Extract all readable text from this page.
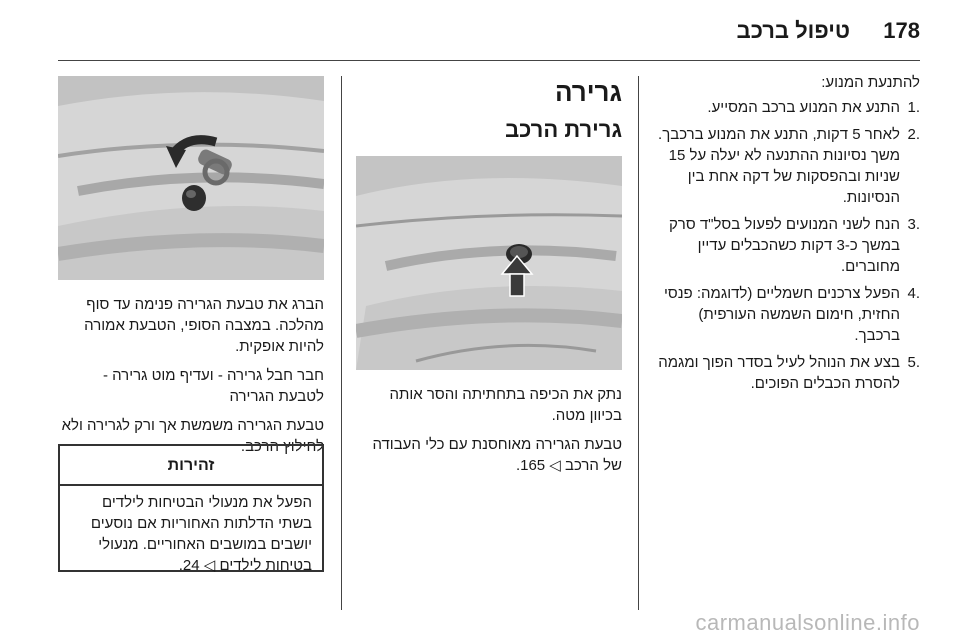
178
טיפול ברכב
להתנעת המנוע:
.1
התנע את המנוע ברכב המסייע.
.2
לאחר 5 דקות, התנע את המנוע ברכבך. משך נסיונות ההתנעה לא יעלה על 15 שניות ובהפסקות של דקה אחת בין הנסיונות.
.3
הנח לשני המנועים לפעול בסל"ד סרק במשך כ-3 דקות כשהכבלים עדיין מחוברים.
.4
הפעל צרכנים חשמליים (לדוגמה: פנסי החזית, חימום השמשה העורפית) ברכבך.
.5
בצע את הנוהל לעיל בסדר הפוך ומגמה להסרת הכבלים הפוכים.
גרירה
גרירת הרכב

נתק את הכיפה בתחתיתה והסר אותה בכיוון מטה.

טבעת הגרירה מאוחסנת עם כלי העבודה של הרכב ◁ 165.

הברג את טבעת הגרירה פנימה עד סוף מהלכה. במצבה הסופי, הטבעת אמורה להיות אופקית.

חבר חבל גרירה - ועדיף מוט גרירה - לטבעת הגרירה

טבעת הגרירה משמשת אך ורק לגרירה ולא לחילוץ הרכב.

זהירות
הפעל את מנעולי הבטיחות לילדים בשתי הדלתות האחוריות אם נוסעים יושבים במושבים האחוריים. מנעולי בטיחות לילדים ◁ 24.
carmanualsonline.info
